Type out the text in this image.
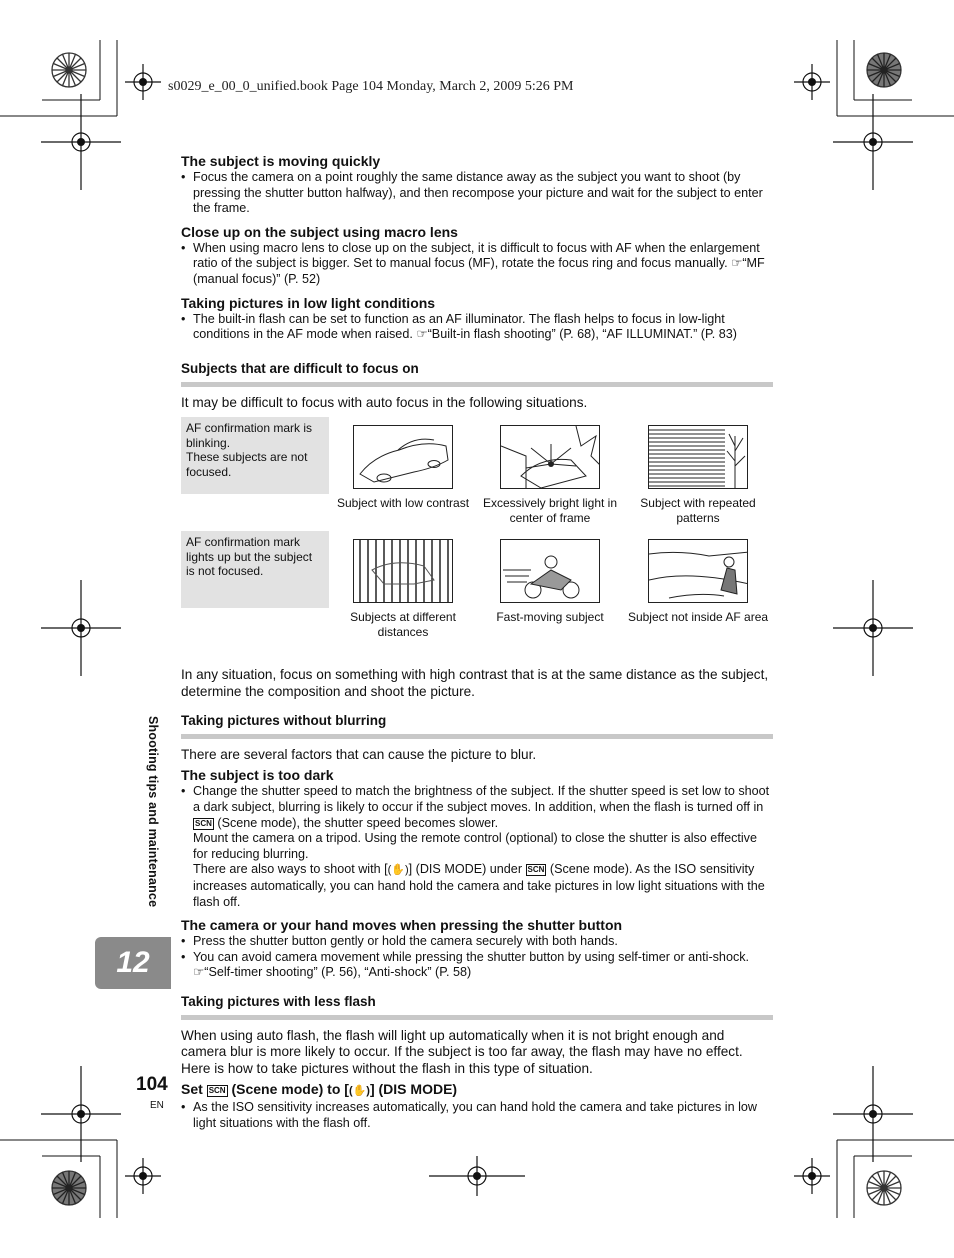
s0029_e_00_0_unified.book Page 104 Monday, March 2, 2009 5:26 PM

The subject is moving quickly

• Focus the camera on a point roughly the same distance away as the subject you want to shoot (by pressing the shutter button halfway), and then recompose your picture and wait for the subject to enter the frame.

Close up on the subject using macro lens

• When using macro lens to close up on the subject, it is difficult to focus with AF when the enlargement ratio of the subject is bigger. Set to manual focus (MF), rotate the focus ring and focus manually. ☞“MF (manual focus)” (P. 52)

Taking pictures in low light conditions

• The built-in flash can be set to function as an AF illuminator. The flash helps to focus in low-light conditions in the AF mode when raised. ☞“Built-in flash shooting” (P. 68), “AF ILLUMINAT.” (P. 83)

Subjects that are difficult to focus on

It may be difficult to focus with auto focus in the following situations.

AF confirmation mark is blinking.
These subjects are not focused.
AF confirmation mark lights up but the subject is not focused.
Subject with low contrast	Excessively bright light in center of frame
Subject with repeated patterns
Subjects at different distances
Fast-moving subject	Subject not inside AF area

In any situation, focus on something with high contrast that is at the same distance as the subject, determine the composition and shoot the picture.

Taking pictures without blurring

There are several factors that can cause the picture to blur.

The subject is too dark

• Change the shutter speed to match the brightness of the subject. If the shutter speed is set low to shoot a dark subject, blurring is likely to occur if the subject moves. In addition, when the flash is turned off in SCN (Scene mode), the shutter speed becomes slower.

Mount the camera on a tripod. Using the remote control (optional) to close the shutter is also effective for reducing blurring.

There are also ways to shoot with [(✋)] (DIS MODE) under SCN (Scene mode). As the ISO sensitivity increases automatically, you can hand hold the camera and take pictures in low light situations with the flash off.

The camera or your hand moves when pressing the shutter button

• Press the shutter button gently or hold the camera securely with both hands.

• You can avoid camera movement while pressing the shutter button by using self-timer or anti-shock. ☞“Self-timer shooting” (P. 56), “Anti-shock” (P. 58)

Taking pictures with less flash

When using auto flash, the flash will light up automatically when it is not bright enough and camera blur is more likely to occur. If the subject is too far away, the flash may have no effect. Here is how to take pictures without the flash in this type of situation.

Set SCN (Scene mode) to [(✋)] (DIS MODE)

• As the ISO sensitivity increases automatically, you can hand hold the camera and take pictures in low light situations with the flash off.

Shooting tips and maintenance
12
104
EN
